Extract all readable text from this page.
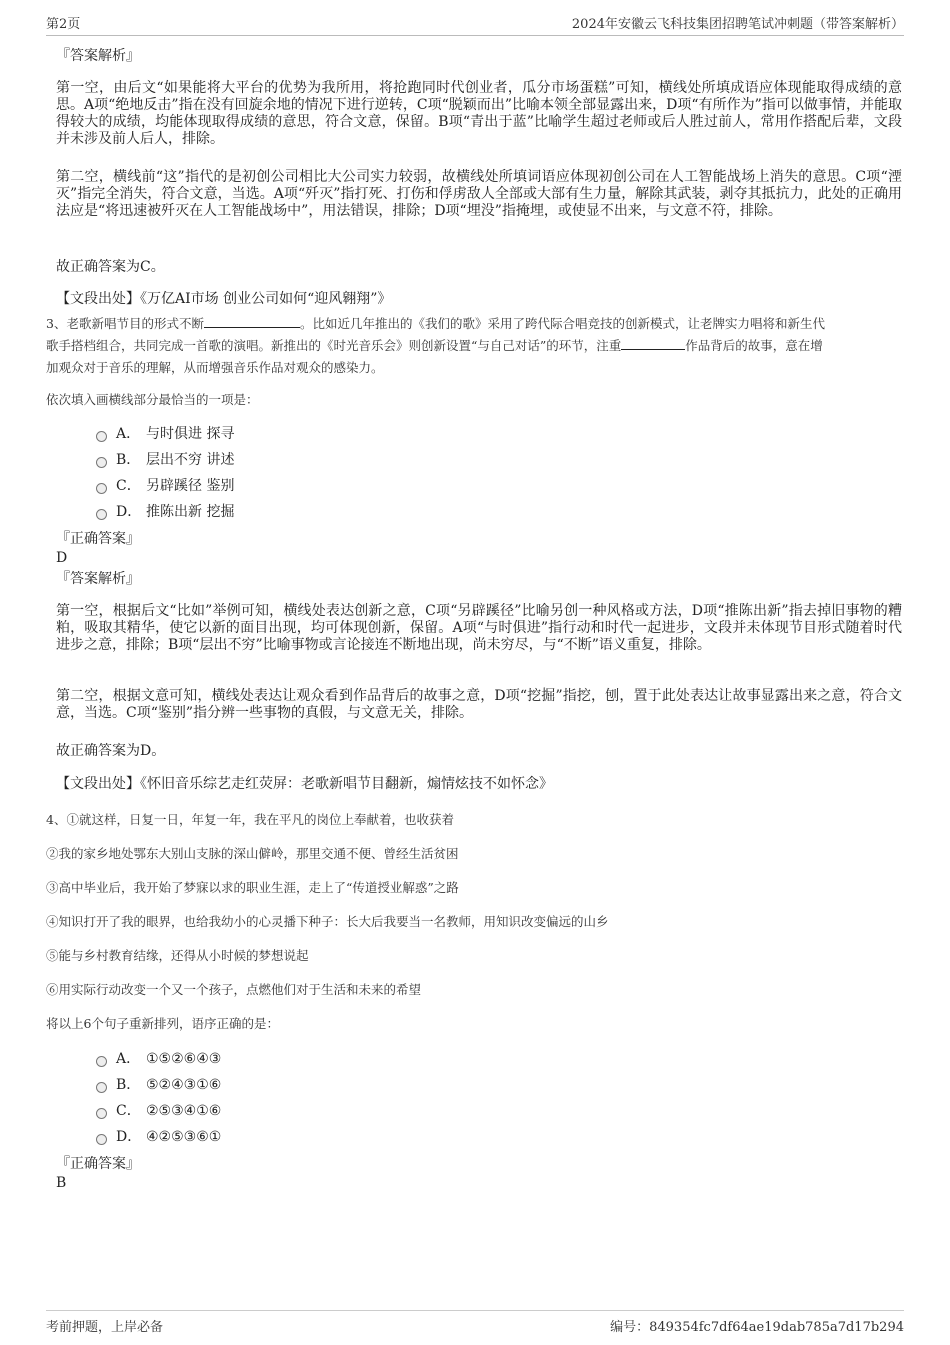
第2页	2024年安徽云飞科技集团招聘笔试冲刺题（带答案解析）
『答案解析』
第一空，由后文“如果能将大平台的优势为我所用，将抢跑同时代创业者，瓜分市场蛋糕”可知，横线处所填成语应体现能取得成绩的意思。A项“绝地反击”指在没有回旋余地的情况下进行逆转，C项“脱颖而出”比喻本领全部显露出来，D项“有所作为”指可以做事情，并能取得较大的成绩，均能体现取得成绩的意思，符合文意，保留。B项“青出于蓝”比喻学生超过老师或后人胜过前人，常用作搭配后辈，文段并未涉及前人后人，排除。
第二空，横线前“这”指代的是初创公司相比大公司实力较弱，故横线处所填词语应体现初创公司在人工智能战场上消失的意思。C项“湮灭”指完全消失，符合文意，当选。A项“歼灭”指打死、打伤和俘虏敌人全部或大部有生力量，解除其武装，剥夺其抵抗力，此处的正确用法应是“将迅速被歼灭在人工智能战场中”，用法错误，排除；D项“埋没”指掩埋，或使显不出来，与文意不符，排除。
故正确答案为C。
【文段出处】《万亿AI市场 创业公司如何“迎风翱翔”》
3、老歌新唱节目的形式不断	。比如近几年推出的《我们的歌》采用了跨代际合唱竞技的创新模式，让老牌实力唱将和新生代
歌手搭档组合，共同完成一首歌的演唱。新推出的《时光音乐会》则创新设置“与自己对话”的环节，注重	作品背后的故事，意在增
加观众对于音乐的理解，从而增强音乐作品对观众的感染力。
依次填入画横线部分最恰当的一项是：
A． 与时俱进 探寻
B． 层出不穷 讲述
C． 另辟蹊径 鉴别
D． 推陈出新 挖掘
『正确答案』
D
『答案解析』
第一空，根据后文“比如”举例可知，横线处表达创新之意，C项“另辟蹊径”比喻另创一种风格或方法，D项“推陈出新”指去掉旧事物的糟粕，吸取其精华，使它以新的面目出现，均可体现创新，保留。A项“与时俱进”指行动和时代一起进步，文段并未体现节目形式随着时代进步之意，排除；B项“层出不穷”比喻事物或言论接连不断地出现，尚未穷尽，与“不断”语义重复，排除。
第二空，根据文意可知，横线处表达让观众看到作品背后的故事之意，D项“挖掘”指挖，刨，置于此处表达让故事显露出来之意，符合文意，当选。C项“鉴别”指分辨一些事物的真假，与文意无关，排除。
故正确答案为D。
【文段出处】《怀旧音乐综艺走红荧屏：老歌新唱节目翻新，煽情炫技不如怀念》
4、①就这样，日复一日，年复一年，我在平凡的岗位上奉献着，也收获着
②我的家乡地处鄂东大别山支脉的深山僻岭，那里交通不便、曾经生活贫困
③高中毕业后，我开始了梦寐以求的职业生涯，走上了“传道授业解惑”之路
④知识打开了我的眼界，也给我幼小的心灵播下种子：长大后我要当一名教师，用知识改变偏远的山乡
⑤能与乡村教育结缘，还得从小时候的梦想说起
⑥用实际行动改变一个又一个孩子，点燃他们对于生活和未来的希望
将以上6个句子重新排列，语序正确的是：
A． ①⑤②⑥④③
B． ⑤②④③①⑥
C． ②⑤③④①⑥
D． ④②⑤③⑥①
『正确答案』
B
考前押题，上岸必备	编号：849354fc7df64ae19dab785a7d17b294
